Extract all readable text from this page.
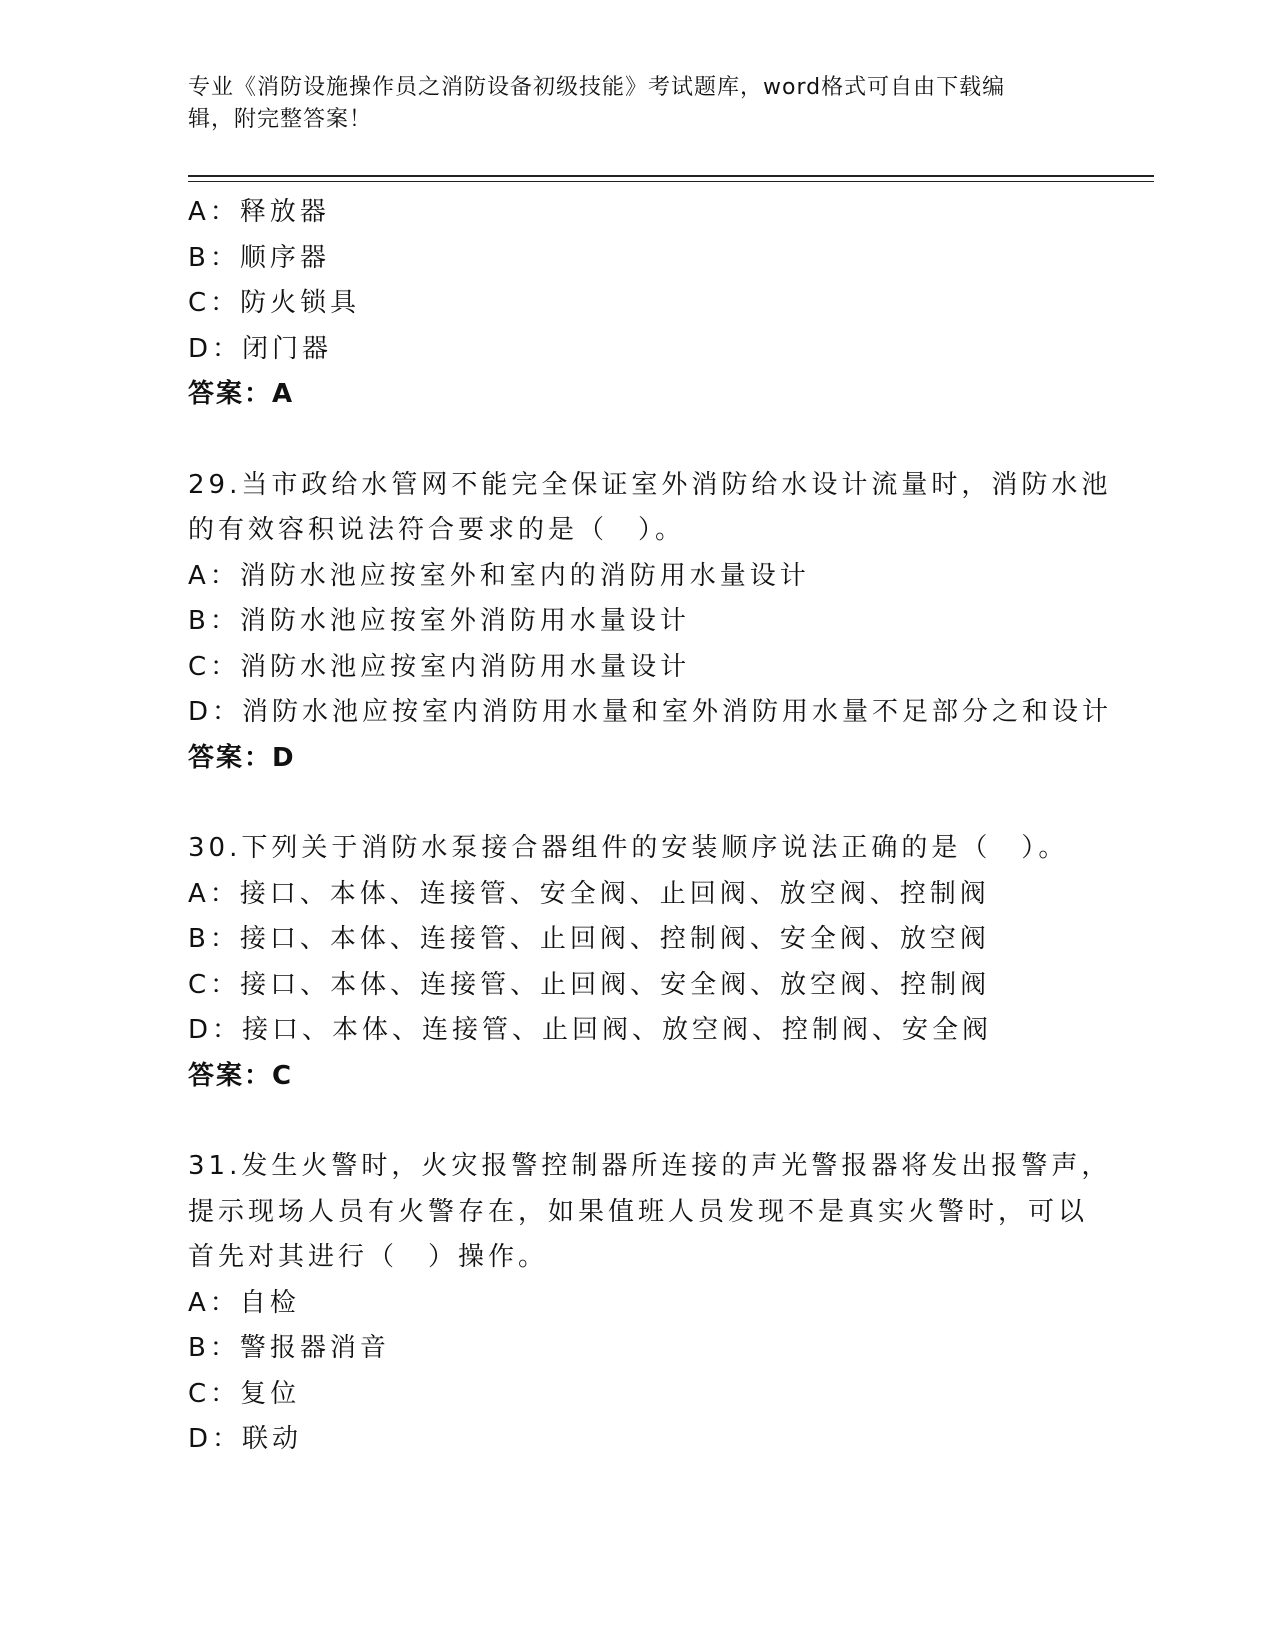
专业《消防设施操作员之消防设备初级技能》考试题库，word格式可自由下载编
辑，附完整答案！

A：释放器

B：顺序器

C：防火锁具

D：闭门器

答案：A

29.当市政给水管网不能完全保证室外消防给水设计流量时，消防水池

的有效容积说法符合要求的是（　）。

A：消防水池应按室外和室内的消防用水量设计

B：消防水池应按室外消防用水量设计

C：消防水池应按室内消防用水量设计

D：消防水池应按室内消防用水量和室外消防用水量不足部分之和设计

答案：D

30.下列关于消防水泵接合器组件的安装顺序说法正确的是（　）。

A：接口、本体、连接管、安全阀、止回阀、放空阀、控制阀

B：接口、本体、连接管、止回阀、控制阀、安全阀、放空阀

C：接口、本体、连接管、止回阀、安全阀、放空阀、控制阀

D：接口、本体、连接管、止回阀、放空阀、控制阀、安全阀

答案：C

31.发生火警时，火灾报警控制器所连接的声光警报器将发出报警声，

提示现场人员有火警存在，如果值班人员发现不是真实火警时，可以

首先对其进行（　）操作。

A：自检

B：警报器消音

C：复位

D：联动
